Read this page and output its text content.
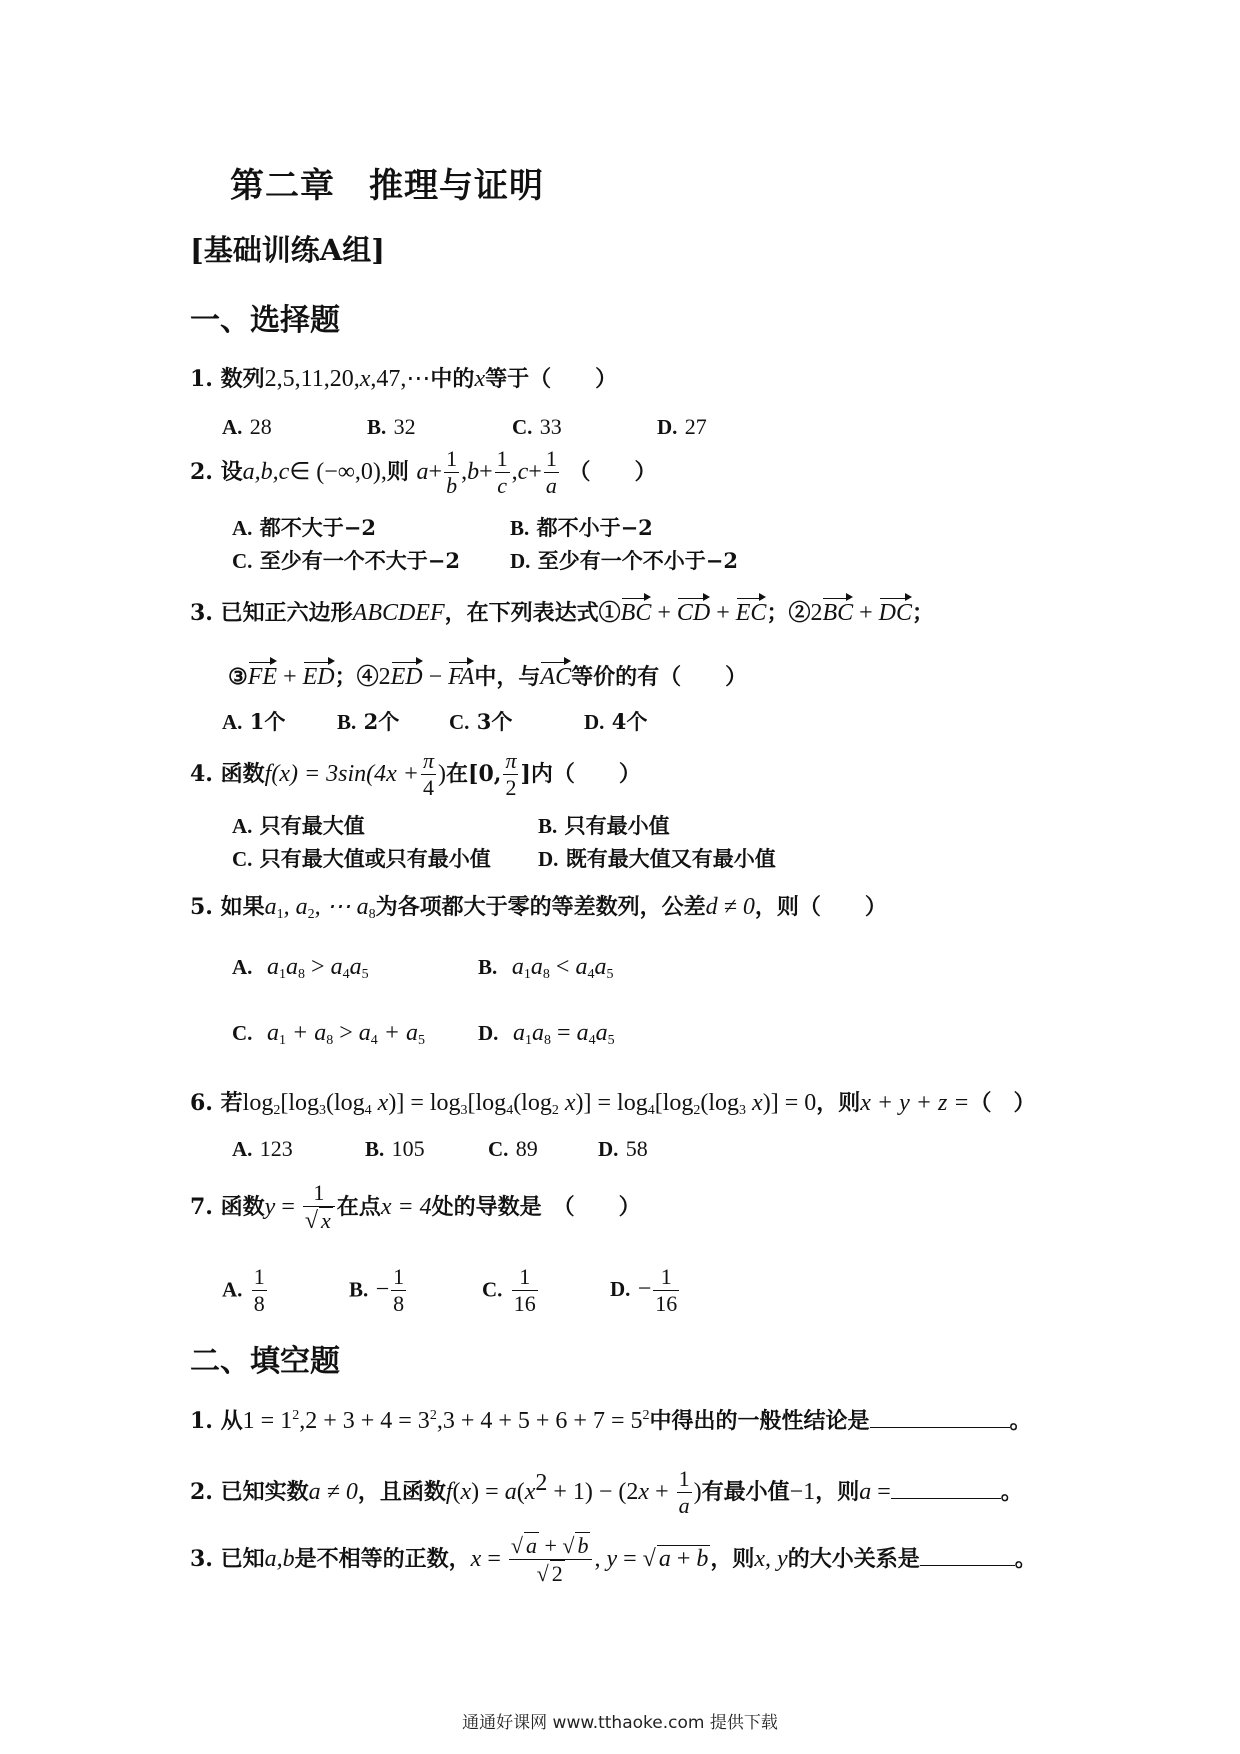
第二章 推理与证明
[基础训练A组]
一、选择题
1. 数列2,5,11,20,x,47,⋯中的x等于（　　）
A. 28	B. 32	C. 33	D. 27
2. 设a,b,c∈ (−∞,0),则 $a+ \frac{1}{b} ,b+ \frac{1}{c} ,c+ \frac{1}{a}$ （　　）
A. 都不大于−2	B. 都不小于−2
C. 至少有一个不大于−2 D. 至少有一个不小于−2
3. 已知正六边形ABCDEF，在下列表达式①BC + CD + EC；②2BC + DC；
③FE + ED；④2ED − FA中，与AC等价的有（　　）
A. 1个 B. 2个 C. 3个	D. 4个
4. 函数$f(x) = 3\sin(4x + \frac{\pi}{4}$ )在[0, $\frac{\pi}{2}$ ]内（　　）
A. 只有最大值	B. 只有最小值
C. 只有最大值或只有最小值 D. 既有最大值又有最小值
5. 如果$a_1$, $a_2$, ⋯ $a_8$为各项都大于零的等差数列，公差d ≠ 0，则（　　）
A. $a_1a_8 > a_4a_5$	B. $a_1a_8 < a_4a_5$
C. $a_1 + a_8 > a_4 + a_5$	D. $a_1a_8 = a_4a_5$
6. 若$\log_2[\log_3(\log_4$ $x)] = \log_3[\log_4(\log_2$ $x)] = \log_4[\log_2(\log_3$ x)] = 0，则x + y + z =（　）
A. 123	B. 105	C. 89	D. 58
7. 函数$y = \frac{1}{√ x}$ 在点x = 4处的导数是　（　　）
A. $\frac{1}{8}$	B. − $\frac{1}{8}$	C. $\frac{1}{16}$	D. − $\frac{1}{16}$
二、填空题
1. 从$1 = 1^2,2 + 3 + 4 = 3^2,3 + 4 + 5 + 6 + 7 = 5^2$中得出的一般性结论是	。
2. 已知实数a ≠ 0，且函数$f(x) = a(x^2 + 1) - (2x + \frac{1}{a}$ )有最小值−1，则a =	。
3. 已知a,b是不相等的正数，$x = \frac{√ a + √ b}{√ 2}$ , y = √ a + b，则x, y的大小关系是	。
通通好课网 www.tthaoke.com 提供下载
